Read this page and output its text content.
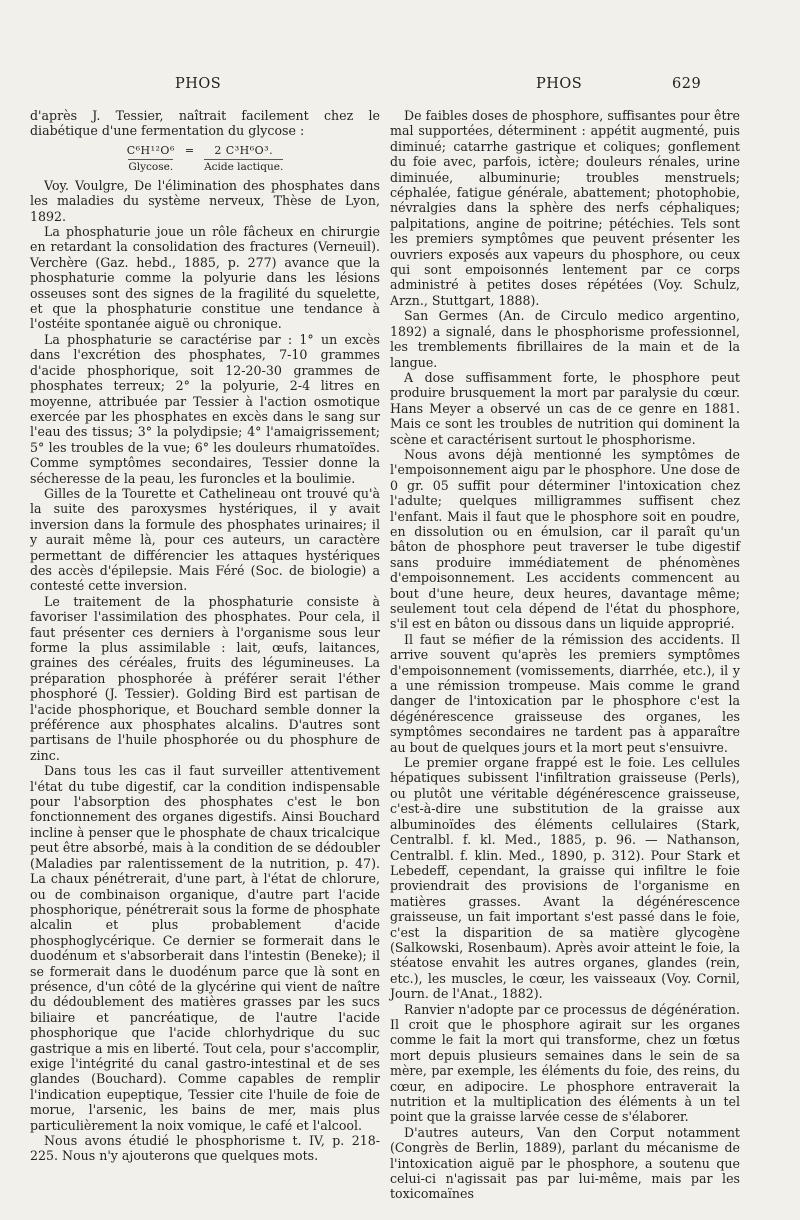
PHOS	PHOS	629

d'après J. Tessier, naîtrait facilement chez le diabétique d'une fermentation du glycose :

C⁶H¹²O⁶
Glycose.
= 2 C³H⁶O³.
Acide lactique.

Voy. Voulgre, De l'élimination des phosphates dans les maladies du système nerveux, Thèse de Lyon, 1892.

La phosphaturie joue un rôle fâcheux en chirurgie en retardant la consolidation des fractures (Verneuil). Verchère (Gaz. hebd., 1885, p. 277) avance que la phosphaturie comme la polyurie dans les lésions osseuses sont des signes de la fragilité du squelette, et que la phosphaturie constitue une tendance à l'ostéite spontanée aiguë ou chronique.

La phosphaturie se caractérise par : 1° un excès dans l'excrétion des phosphates, 7-10 grammes d'acide phosphorique, soit 12-20-30 grammes de phosphates terreux; 2° la polyurie, 2-4 litres en moyenne, attribuée par Tessier à l'action osmotique exercée par les phosphates en excès dans le sang sur l'eau des tissus; 3° la polydipsie; 4° l'amaigrissement; 5° les troubles de la vue; 6° les douleurs rhumatoïdes. Comme symptômes secondaires, Tessier donne la sécheresse de la peau, les furoncles et la boulimie.

Gilles de la Tourette et Cathelineau ont trouvé qu'à la suite des paroxysmes hystériques, il y avait inversion dans la formule des phosphates urinaires; il y aurait même là, pour ces auteurs, un caractère permettant de différencier les attaques hystériques des accès d'épilepsie. Mais Féré (Soc. de biologie) a contesté cette inversion.

Le traitement de la phosphaturie consiste à favoriser l'assimilation des phosphates. Pour cela, il faut présenter ces derniers à l'organisme sous leur forme la plus assimilable : lait, œufs, laitances, graines des céréales, fruits des légumineuses. La préparation phosphorée à préférer serait l'éther phosphoré (J. Tessier). Golding Bird est partisan de l'acide phosphorique, et Bouchard semble donner la préférence aux phosphates alcalins. D'autres sont partisans de l'huile phosphorée ou du phosphure de zinc.

Dans tous les cas il faut surveiller attentivement l'état du tube digestif, car la condition indispensable pour l'absorption des phosphates c'est le bon fonctionnement des organes digestifs. Ainsi Bouchard incline à penser que le phosphate de chaux tricalcique peut être absorbé, mais à la condition de se dédoubler (Maladies par ralentissement de la nutrition, p. 47). La chaux pénétrerait, d'une part, à l'état de chlorure, ou de combinaison organique, d'autre part l'acide phosphorique, pénétrerait sous la forme de phosphate alcalin et plus probablement d'acide phosphoglycérique. Ce dernier se formerait dans le duodénum et s'absorberait dans l'intestin (Beneke); il se formerait dans le duodénum parce que là sont en présence, d'un côté de la glycérine qui vient de naître du dédoublement des matières grasses par les sucs biliaire et pancréatique, de l'autre l'acide phosphorique que l'acide chlorhydrique du suc gastrique a mis en liberté. Tout cela, pour s'accomplir, exige l'intégrité du canal gastro-intestinal et de ses glandes (Bouchard). Comme capables de remplir l'indication eupeptique, Tessier cite l'huile de foie de morue, l'arsenic, les bains de mer, mais plus particulièrement la noix vomique, le café et l'alcool.

Nous avons étudié le phosphorisme t. IV, p. 218-225. Nous n'y ajouterons que quelques mots.

De faibles doses de phosphore, suffisantes pour être mal supportées, déterminent : appétit augmenté, puis diminué; catarrhe gastrique et coliques; gonflement du foie avec, parfois, ictère; douleurs rénales, urine diminuée, albuminurie; troubles menstruels; céphalée, fatigue générale, abattement; photophobie, névralgies dans la sphère des nerfs céphaliques; palpitations, angine de poitrine; pétéchies. Tels sont les premiers symptômes que peuvent présenter les ouvriers exposés aux vapeurs du phosphore, ou ceux qui sont empoisonnés lentement par ce corps administré à petites doses répétées (Voy. Schulz, Arzn., Stuttgart, 1888).

San Germes (An. de Circulo medico argentino, 1892) a signalé, dans le phosphorisme professionnel, les tremblements fibrillaires de la main et de la langue.

A dose suffisamment forte, le phosphore peut produire brusquement la mort par paralysie du cœur. Hans Meyer a observé un cas de ce genre en 1881. Mais ce sont les troubles de nutrition qui dominent la scène et caractérisent surtout le phosphorisme.

Nous avons déjà mentionné les symptômes de l'empoisonnement aigu par le phosphore. Une dose de 0 gr. 05 suffit pour déterminer l'intoxication chez l'adulte; quelques milligrammes suffisent chez l'enfant. Mais il faut que le phosphore soit en poudre, en dissolution ou en émulsion, car il paraît qu'un bâton de phosphore peut traverser le tube digestif sans produire immédiatement de phénomènes d'empoisonnement. Les accidents commencent au bout d'une heure, deux heures, davantage même; seulement tout cela dépend de l'état du phosphore, s'il est en bâton ou dissous dans un liquide approprié.

Il faut se méfier de la rémission des accidents. Il arrive souvent qu'après les premiers symptômes d'empoisonnement (vomissements, diarrhée, etc.), il y a une rémission trompeuse. Mais comme le grand danger de l'intoxication par le phosphore c'est la dégénérescence graisseuse des organes, les symptômes secondaires ne tardent pas à apparaître au bout de quelques jours et la mort peut s'ensuivre.

Le premier organe frappé est le foie. Les cellules hépatiques subissent l'infiltration graisseuse (Perls), ou plutôt une véritable dégénérescence graisseuse, c'est-à-dire une substitution de la graisse aux albuminoïdes des éléments cellulaires (Stark, Centralbl. f. kl. Med., 1885, p. 96. — Nathanson, Centralbl. f. klin. Med., 1890, p. 312). Pour Stark et Lebedeff, cependant, la graisse qui infiltre le foie proviendrait des provisions de l'organisme en matières grasses. Avant la dégénérescence graisseuse, un fait important s'est passé dans le foie, c'est la disparition de sa matière glycogène (Salkowski, Rosenbaum). Après avoir atteint le foie, la stéatose envahit les autres organes, glandes (rein, etc.), les muscles, le cœur, les vaisseaux (Voy. Cornil, Journ. de l'Anat., 1882).

Ranvier n'adopte par ce processus de dégénération. Il croit que le phosphore agirait sur les organes comme le fait la mort qui transforme, chez un fœtus mort depuis plusieurs semaines dans le sein de sa mère, par exemple, les éléments du foie, des reins, du cœur, en adipocire. Le phosphore entraverait la nutrition et la multiplication des éléments à un tel point que la graisse larvée cesse de s'élaborer.

D'autres auteurs, Van den Corput notamment (Congrès de Berlin, 1889), parlant du mécanisme de l'intoxication aiguë par le phosphore, a soutenu que celui-ci n'agissait pas par lui-même, mais par les toxicomaïnes
